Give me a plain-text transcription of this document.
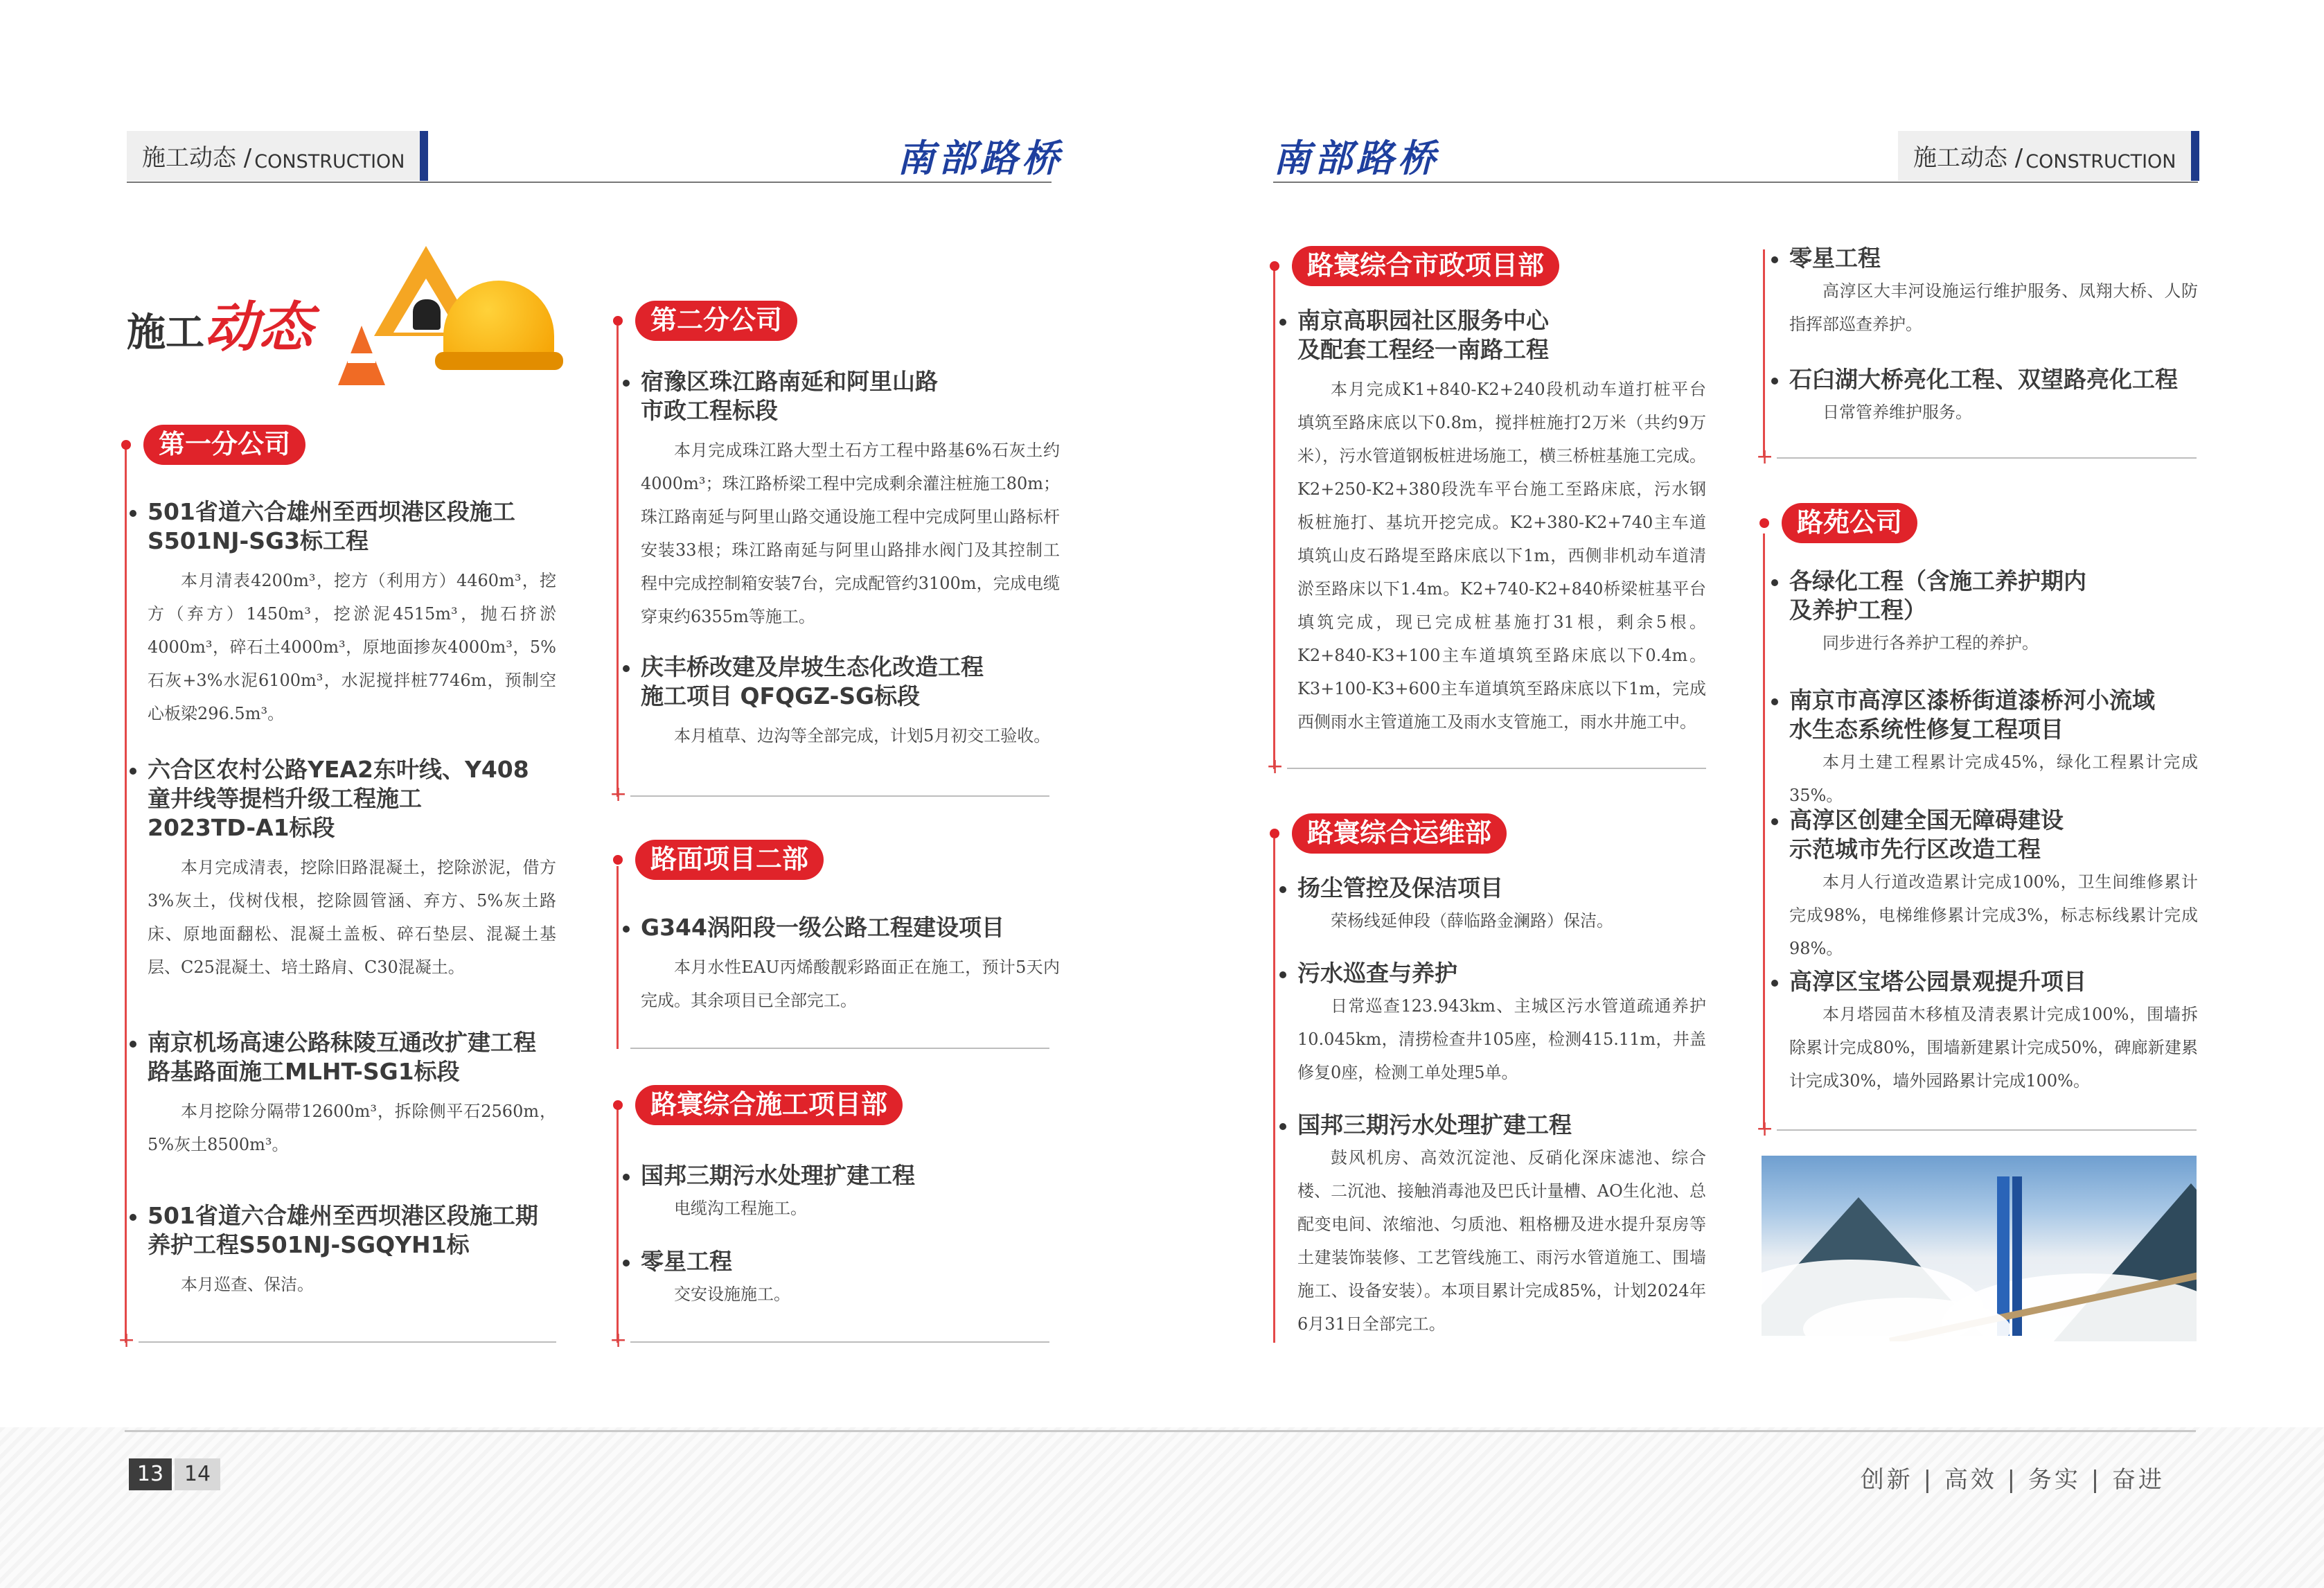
13 14	创新 | 高效 | 务实 | 奋进
施工动态 / CONSTRUCTION	南部路桥	南部路桥	施工动态 / CONSTRUCTION
施工动态
+
第一分公司
501省道六合雄州至西坝港区段施工
S501NJ-SG3标工程
本月清表4200m³，挖方（利用方）4460m³，挖方（弃方）1450m³，挖淤泥4515m³，抛石挤淤4000m³，碎石土4000m³，原地面掺灰4000m³，5%石灰+3%水泥6100m³，水泥搅拌桩7746m，预制空心板梁296.5m³。
六合区农村公路YEA2东叶线、Y408
童井线等提档升级工程施工
2023TD-A1标段
本月完成清表，挖除旧路混凝土，挖除淤泥，借方3%灰土，伐树伐根，挖除圆管涵、弃方、5%灰土路床、原地面翻松、混凝土盖板、碎石垫层、混凝土基层、C25混凝土、培土路肩、C30混凝土。
南京机场高速公路秣陵互通改扩建工程
路基路面施工MLHT-SG1标段
本月挖除分隔带12600m³，拆除侧平石2560m，5%灰土8500m³。
501省道六合雄州至西坝港区段施工期
养护工程S501NJ-SGQYH1标
本月巡查、保洁。
+
第二分公司
宿豫区珠江路南延和阿里山路
市政工程标段
本月完成珠江路大型土石方工程中路基6%石灰土约4000m³；珠江路桥梁工程中完成剩余灌注桩施工80m；珠江路南延与阿里山路交通设施工程中完成阿里山路标杆安装33根；珠江路南延与阿里山路排水阀门及其控制工程中完成控制箱安装7台，完成配管约3100m，完成电缆穿束约6355m等施工。
庆丰桥改建及岸坡生态化改造工程
施工项目 QFQGZ-SG标段
本月植草、边沟等全部完成，计划5月初交工验收。
路面项目二部
G344涡阳段一级公路工程建设项目
本月水性EAU丙烯酸靓彩路面正在施工，预计5天内完成。其余项目已全部完工。
+
路寰综合施工项目部
国邦三期污水处理扩建工程
电缆沟工程施工。
零星工程
交安设施施工。
+
路寰综合市政项目部
南京高职园社区服务中心
及配套工程经一南路工程
本月完成K1+840-K2+240段机动车道打桩平台填筑至路床底以下0.8m，搅拌桩施打2万米（共约9万米），污水管道钢板桩进场施工，横三桥桩基施工完成。K2+250-K2+380段洗车平台施工至路床底，污水钢板桩施打、基坑开挖完成。K2+380-K2+740主车道填筑山皮石路堤至路床底以下1m，西侧非机动车道清淤至路床以下1.4m。K2+740-K2+840桥梁桩基平台填筑完成，现已完成桩基施打31根，剩余5根。K2+840-K3+100主车道填筑至路床底以下0.4m。K3+100-K3+600主车道填筑至路床底以下1m，完成西侧雨水主管道施工及雨水支管施工，雨水井施工中。
路寰综合运维部
扬尘管控及保洁项目
荣杨线延伸段（薛临路金澜路）保洁。
污水巡查与养护
日常巡查123.943km、主城区污水管道疏通养护10.045km，清捞检查井105座，检测415.11m，井盖修复0座，检测工单处理5单。
国邦三期污水处理扩建工程
鼓风机房、高效沉淀池、反硝化深床滤池、综合楼、二沉池、接触消毒池及巴氏计量槽、AO生化池、总配变电间、浓缩池、匀质池、粗格栅及进水提升泵房等土建装饰装修、工艺管线施工、雨污水管道施工、围墙施工、设备安装）。本项目累计完成85%，计划2024年6月31日全部完工。
+
零星工程
高淳区大丰河设施运行维护服务、凤翔大桥、人防指挥部巡查养护。
石臼湖大桥亮化工程、双望路亮化工程
日常管养维护服务。
+
路苑公司
各绿化工程（含施工养护期内
及养护工程）
同步进行各养护工程的养护。
南京市高淳区漆桥街道漆桥河小流域
水生态系统性修复工程项目
本月土建工程累计完成45%，绿化工程累计完成35%。
高淳区创建全国无障碍建设
示范城市先行区改造工程
本月人行道改造累计完成100%，卫生间维修累计完成98%，电梯维修累计完成3%，标志标线累计完成98%。
高淳区宝塔公园景观提升项目
本月塔园苗木移植及清表累计完成100%，围墙拆除累计完成80%，围墙新建累计完成50%，碑廊新建累计完成30%，墙外园路累计完成100%。
